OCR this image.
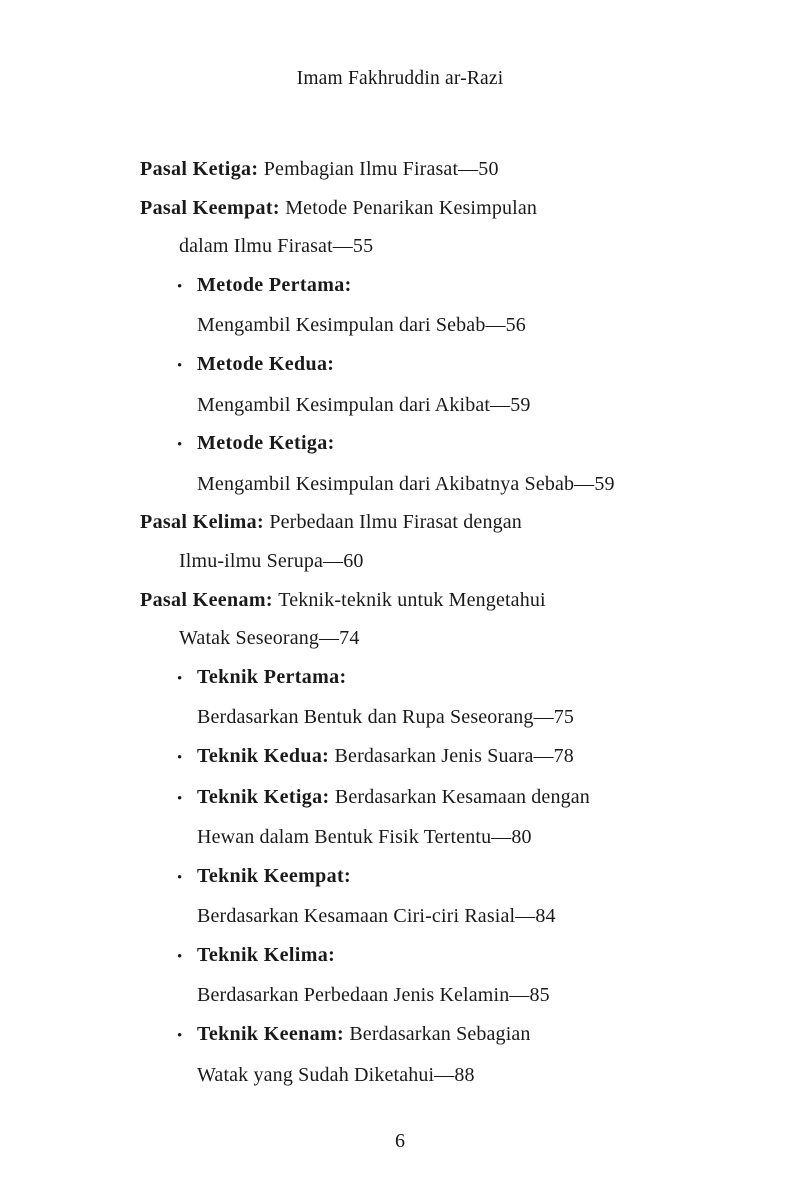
Imam Fakhruddin ar-Razi
Pasal Ketiga: Pembagian Ilmu Firasat—50
Pasal Keempat: Metode Penarikan Kesimpulan
dalam Ilmu Firasat—55
• Metode Pertama:
Mengambil Kesimpulan dari Sebab—56
• Metode Kedua:
Mengambil Kesimpulan dari Akibat—59
• Metode Ketiga:
Mengambil Kesimpulan dari Akibatnya Sebab—59
Pasal Kelima: Perbedaan Ilmu Firasat dengan
Ilmu-ilmu Serupa—60
Pasal Keenam: Teknik-teknik untuk Mengetahui
Watak Seseorang—74
• Teknik Pertama:
Berdasarkan Bentuk dan Rupa Seseorang—75
• Teknik Kedua: Berdasarkan Jenis Suara—78
• Teknik Ketiga: Berdasarkan Kesamaan dengan
Hewan dalam Bentuk Fisik Tertentu—80
• Teknik Keempat:
Berdasarkan Kesamaan Ciri-ciri Rasial—84
• Teknik Kelima:
Berdasarkan Perbedaan Jenis Kelamin—85
• Teknik Keenam: Berdasarkan Sebagian
Watak yang Sudah Diketahui—88
6
